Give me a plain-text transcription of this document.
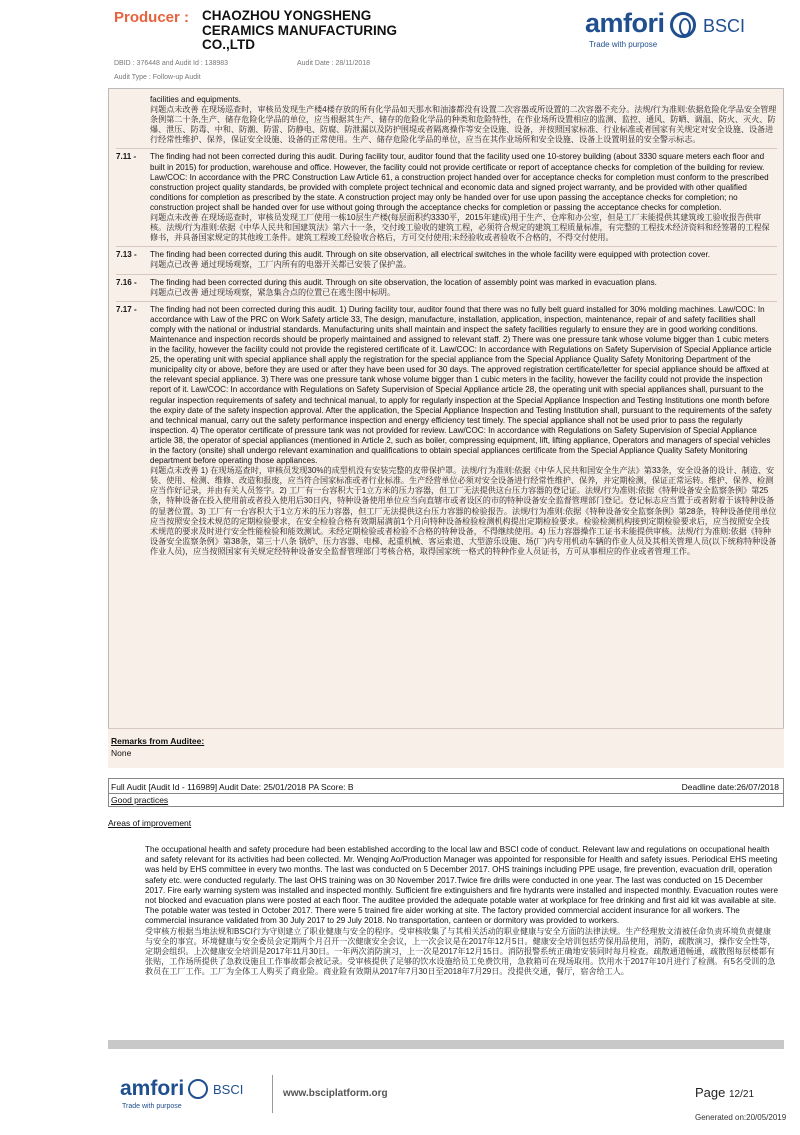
Producer : CHAOZHOU YONGSHENG
CERAMICS MANUFACTURING
CO.,LTD
amfori BSCI
Trade with purpose
DBID : 376448 and Audit Id : 138983	Audit Date : 28/11/2018
Audit Type : Follow-up Audit
facilities and equipments.
问题点未改善 在现场巡查时，审核员发现生产楼4楼存放的所有化学品如天那水和油漆都没有设置二次容器或所设置的二次容器不充分。法规/行为准则:依据危险化学品安全管理条例第二十条,生产、储存危险化学品的单位，应当根据其生产、储存的危险化学品的种类和危险特性，在作业场所设置相应的监测、监控、通风、防晒、调温、防火、灭火、防爆、泄压、防毒、中和、防潮、防雷、防静电、防腐、防泄漏以及防护围堤或者隔离操作等安全设施、设备，并按照国家标准、行业标准或者国家有关规定对安全设施、设备进行经常性维护、保养，保证安全设施、设备的正常使用。生产、储存危险化学品的单位，应当在其作业场所和安全设施、设备上设置明显的安全警示标志。
7.11 -	The finding had not been corrected during this audit. During facility tour, auditor found that the facility used one 10-storey building (about 3330 square meters each floor and built in 2015) for production, warehouse and office. However, the facility could not provide certificate or report of acceptance checks for completion of the building for review. Law/COC: In accordance with the PRC Construction Law Article 61, a construction project handed over for acceptance checks for completion must conform to the prescribed construction project quality standards, be provided with complete project technical and economic data and signed project warranty, and be provided with other qualified conditions for completion as prescribed by the state. A construction project may only be handed over for use upon passing the acceptance checks for completion; no construction project shall be handed over for use without going through the acceptance checks for completion or passing the acceptance checks for completion.
问题点未改善 在现场巡查时，审核员发现工厂使用一栋10层生产楼(每层面积约3330平，2015年建成)用于生产、仓库和办公室，但是工厂未能提供其建筑竣工验收报告供审核。法规/行为准则:依据《中华人民共和国建筑法》第六十一条，交付竣工验收的建筑工程，必须符合规定的建筑工程质量标准，有完整的工程技术经济资料和经签署的工程保修书，并具备国家规定的其他竣工条件。建筑工程竣工经验收合格后，方可交付使用;未经验收或者验收不合格的，不得交付使用。
7.13 -	The finding had been corrected during this audit. Through on site observation, all electrical switches in the whole facility were equipped with protection cover.
问题点已改善 通过现场观察，工厂内所有的电器开关都已安装了保护盖。
7.16 -	The finding had been corrected during this audit. Through on site observation, the location of assembly point was marked in evacuation plans.
问题点已改善 通过现场观察，紧急集合点的位置已在逃生图中标明。
7.17 -	The finding had not been corrected during this audit. 1) During facility tour, auditor found that there was no fully belt guard installed for 30% molding machines. Law/COC: In accordance with Law of the PRC on Work Safety article 33, The design, manufacture, installation, application, inspection, maintenance, repair of and safety facilities shall comply with the national or industrial standards. Manufacturing units shall maintain and inspect the safety facilities regularly to ensure they are in good working conditions. Maintenance and inspection records should be properly maintained and assigned to relevant staff. 2) There was one pressure tank whose volume bigger than 1 cubic meters in the facility, however the facility could not provide the registered certificate of it. Law/COC: In accordance with Regulations on Safety Supervision of Special Appliance article 25, the operating unit with special appliance shall apply the registration for the special appliance from the Special Appliance Quality Safety Monitoring Department of the municipality city or above, before they are used or after they have been used for 30 days. The approved registration certificate/letter for special appliance should be affixed at the relevant special appliance. 3) There was one pressure tank whose volume bigger than 1 cubic meters in the facility, however the facility could not provide the inspection report of it. Law/COC: In accordance with Regulations on Safety Supervision of Special Appliance article 28, the operating unit with special appliances shall, pursuant to the regular inspection requirements of safety and technical manual, to apply for regularly inspection at the Special Appliance Inspection and Testing Institutions one month before the expiry date of the safety inspection approval. After the application, the Special Appliance Inspection and Testing Institution shall, pursuant to the requirements of the safety and technical manual, carry out the safety performance inspection and energy efficiency test timely. The special appliance shall not be used prior to pass the regularly inspection. 4) The operator certificate of pressure tank was not provided for review. Law/COC: In accordance with Regulations on Safety Supervision of Special Appliance article 38, the operator of special appliances (mentioned in Article 2, such as boiler, compressing equipment, lift, lifting appliance, Operators and managers of special vehicles in the factory (onsite) shall undergo relevant examination and qualifications to obtain special appliances certificate from the Special Appliance Quality Safety Monitoring department before operating those appliances.
问题点未改善 1) 在现场巡查时，审核员发现30%的成型机没有安装完整的皮带保护罩。法规/行为准则:依据《中华人民共和国安全生产法》第33条，安全设备的设计、制造、安装、使用、检测、维修、改造和报废，应当符合国家标准或者行业标准。生产经营单位必须对安全设备进行经常性维护、保养，并定期检测，保证正常运转。维护、保养、检测应当作好记录，并由有关人员签字。2) 工厂有一台容积大于1立方米的压力容器，但工厂无法提供这台压力容器的登记证。法规/行为准则:依据《特种设备安全监察条例》第25条，特种设备在投入使用前或者投入使用后30日内，特种设备使用单位应当向直辖市或者设区的市的特种设备安全监督管理部门登记。登记标志应当置于或者附着于该特种设备的显著位置。3) 工厂有一台容积大于1立方米的压力容器，但工厂无法提供这台压力容器的检验报告。法规/行为准则:依据《特种设备安全监察条例》第28条，特种设备使用单位应当按照安全技术规范的定期检验要求，在安全检验合格有效期届满前1个月向特种设备检验检测机构提出定期检验要求。检验检测机构接到定期检验要求后，应当按照安全技术规范的要求及时进行安全性能检验和能效测试。未经定期检验或者检验不合格的特种设备，不得继续使用。4) 压力容器操作工证书未能提供审核。法规/行为准则:依据《特种设备安全监察条例》第38条，第三十八条 锅炉、压力容器、电梯、起重机械、客运索道、大型游乐设施、场(厂)内专用机动车辆的作业人员及其相关管理人员(以下统称特种设备作业人员)，应当按照国家有关规定经特种设备安全监督管理部门考核合格，取得国家统一格式的特种作业人员证书，方可从事相应的作业或者管理工作。
Remarks from Auditee:
None
Full Audit [Audit Id - 116989] Audit Date: 25/01/2018 PA Score: B	Deadline date:26/07/2018
Good practices
Areas of improvement
The occupational health and safety procedure had been established according to the local law and BSCI code of conduct. Relevant law and regulations on occupational health and safety relevant for its activities had been collected. Mr. Wenqing Ao/Production Manager was appointed for responsible for Health and safety issues. Periodical EHS meeting was held by EHS committee in every two months. The last was conducted on 5 December 2017. OHS trainings including PPE usage, fire prevention, evacuation drill, operation safety etc. were conducted regularly. The last OHS training was on 30 November 2017.Twice fire drills were conducted in one year. The last was conducted on 15 December 2017. Fire early warning system was installed and inspected monthly. Sufficient fire extinguishers and fire hydrants were installed and inspected monthly. Evacuation routes were not blocked and evacuation plans were posted at each floor. The auditee provided the adequate potable water at workplace for free drinking and first aid kit was available at site. The potable water was tested in October 2017. There were 5 trained fire aider working at site. The factory provided commercial accident insurance for all workers. The commercial insurance validated from 30 July 2017 to 29 July 2018. No transportation, canteen or dormitory was provided to workers.
受审核方根据当地法规和BSCI行为守则建立了职业健康与安全的程序。受审核收集了与其相关活动的职业健康与安全方面的法律法规。生产经理敖文清被任命负责环境负责健康与安全的事宜。环境健康与安全委员会定期两个月召开一次健康安全会议，上一次会议是在2017年12月5日。健康安全培训包括劳保用品使用，消防，疏散演习，操作安全性等，定期会组织。上次健康安全培训是2017年11月30日。一年两次消防演习，上一次是2017年12月15日。消防报警系统正确地安装同时每月检查。疏散通道畅通，疏散图每层楼都有张贴，工作场所提供了急救设施且工作事故都会被记录。受审核提供了足够的饮水设施给员工免费饮用，急救箱可在现场取用。饮用水于2017年10月进行了检测。有5名受训的急救员在工厂工作。工厂为全体工人购买了商业险。商业险有效期从2017年7月30日至2018年7月29日。没提供交通，餐厅，宿舍给工人。
amfori BSCI
Trade with purpose
www.bsciplatform.org	Page 12/21
Generated on:20/05/2019
